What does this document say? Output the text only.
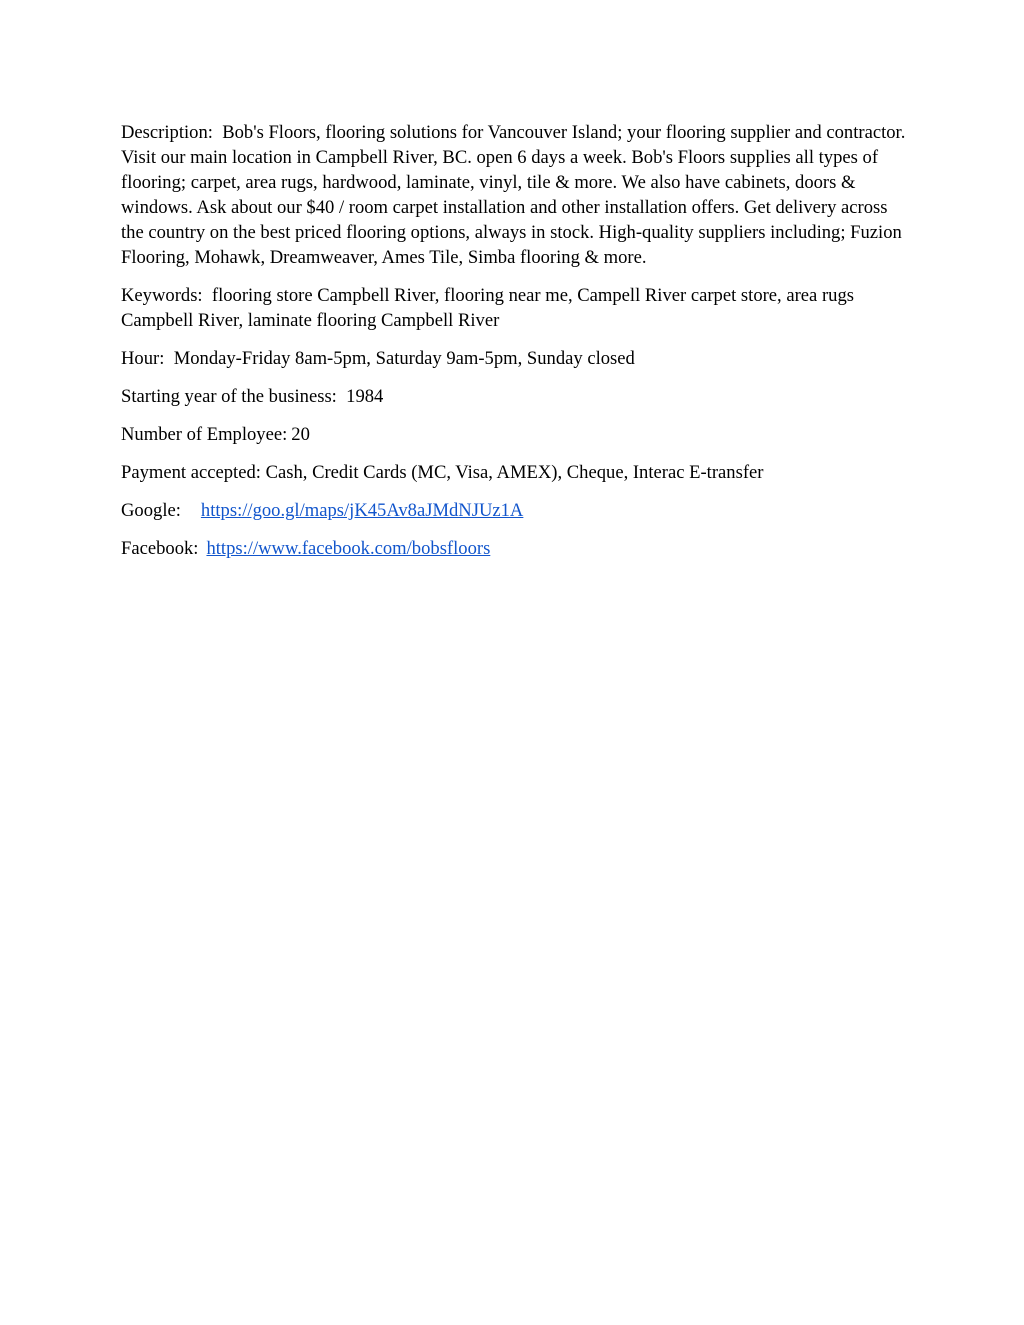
Description: Bob's Floors, flooring solutions for Vancouver Island; your flooring supplier and contractor. Visit our main location in Campbell River, BC. open 6 days a week. Bob's Floors supplies all types of flooring; carpet, area rugs, hardwood, laminate, vinyl, tile & more. We also have cabinets, doors & windows. Ask about our $40 / room carpet installation and other installation offers. Get delivery across the country on the best priced flooring options, always in stock. High-quality suppliers including; Fuzion Flooring, Mohawk, Dreamweaver, Ames Tile, Simba flooring & more.

Keywords: flooring store Campbell River, flooring near me, Campell River carpet store, area rugs Campbell River, laminate flooring Campbell River

Hour: Monday-Friday 8am-5pm, Saturday 9am-5pm, Sunday closed

Starting year of the business: 1984

Number of Employee: 20

Payment accepted: Cash, Credit Cards (MC, Visa, AMEX), Cheque, Interac E-transfer

Google: https://goo.gl/maps/jK45Av8aJMdNJUz1A

Facebook: https://www.facebook.com/bobsfloors
